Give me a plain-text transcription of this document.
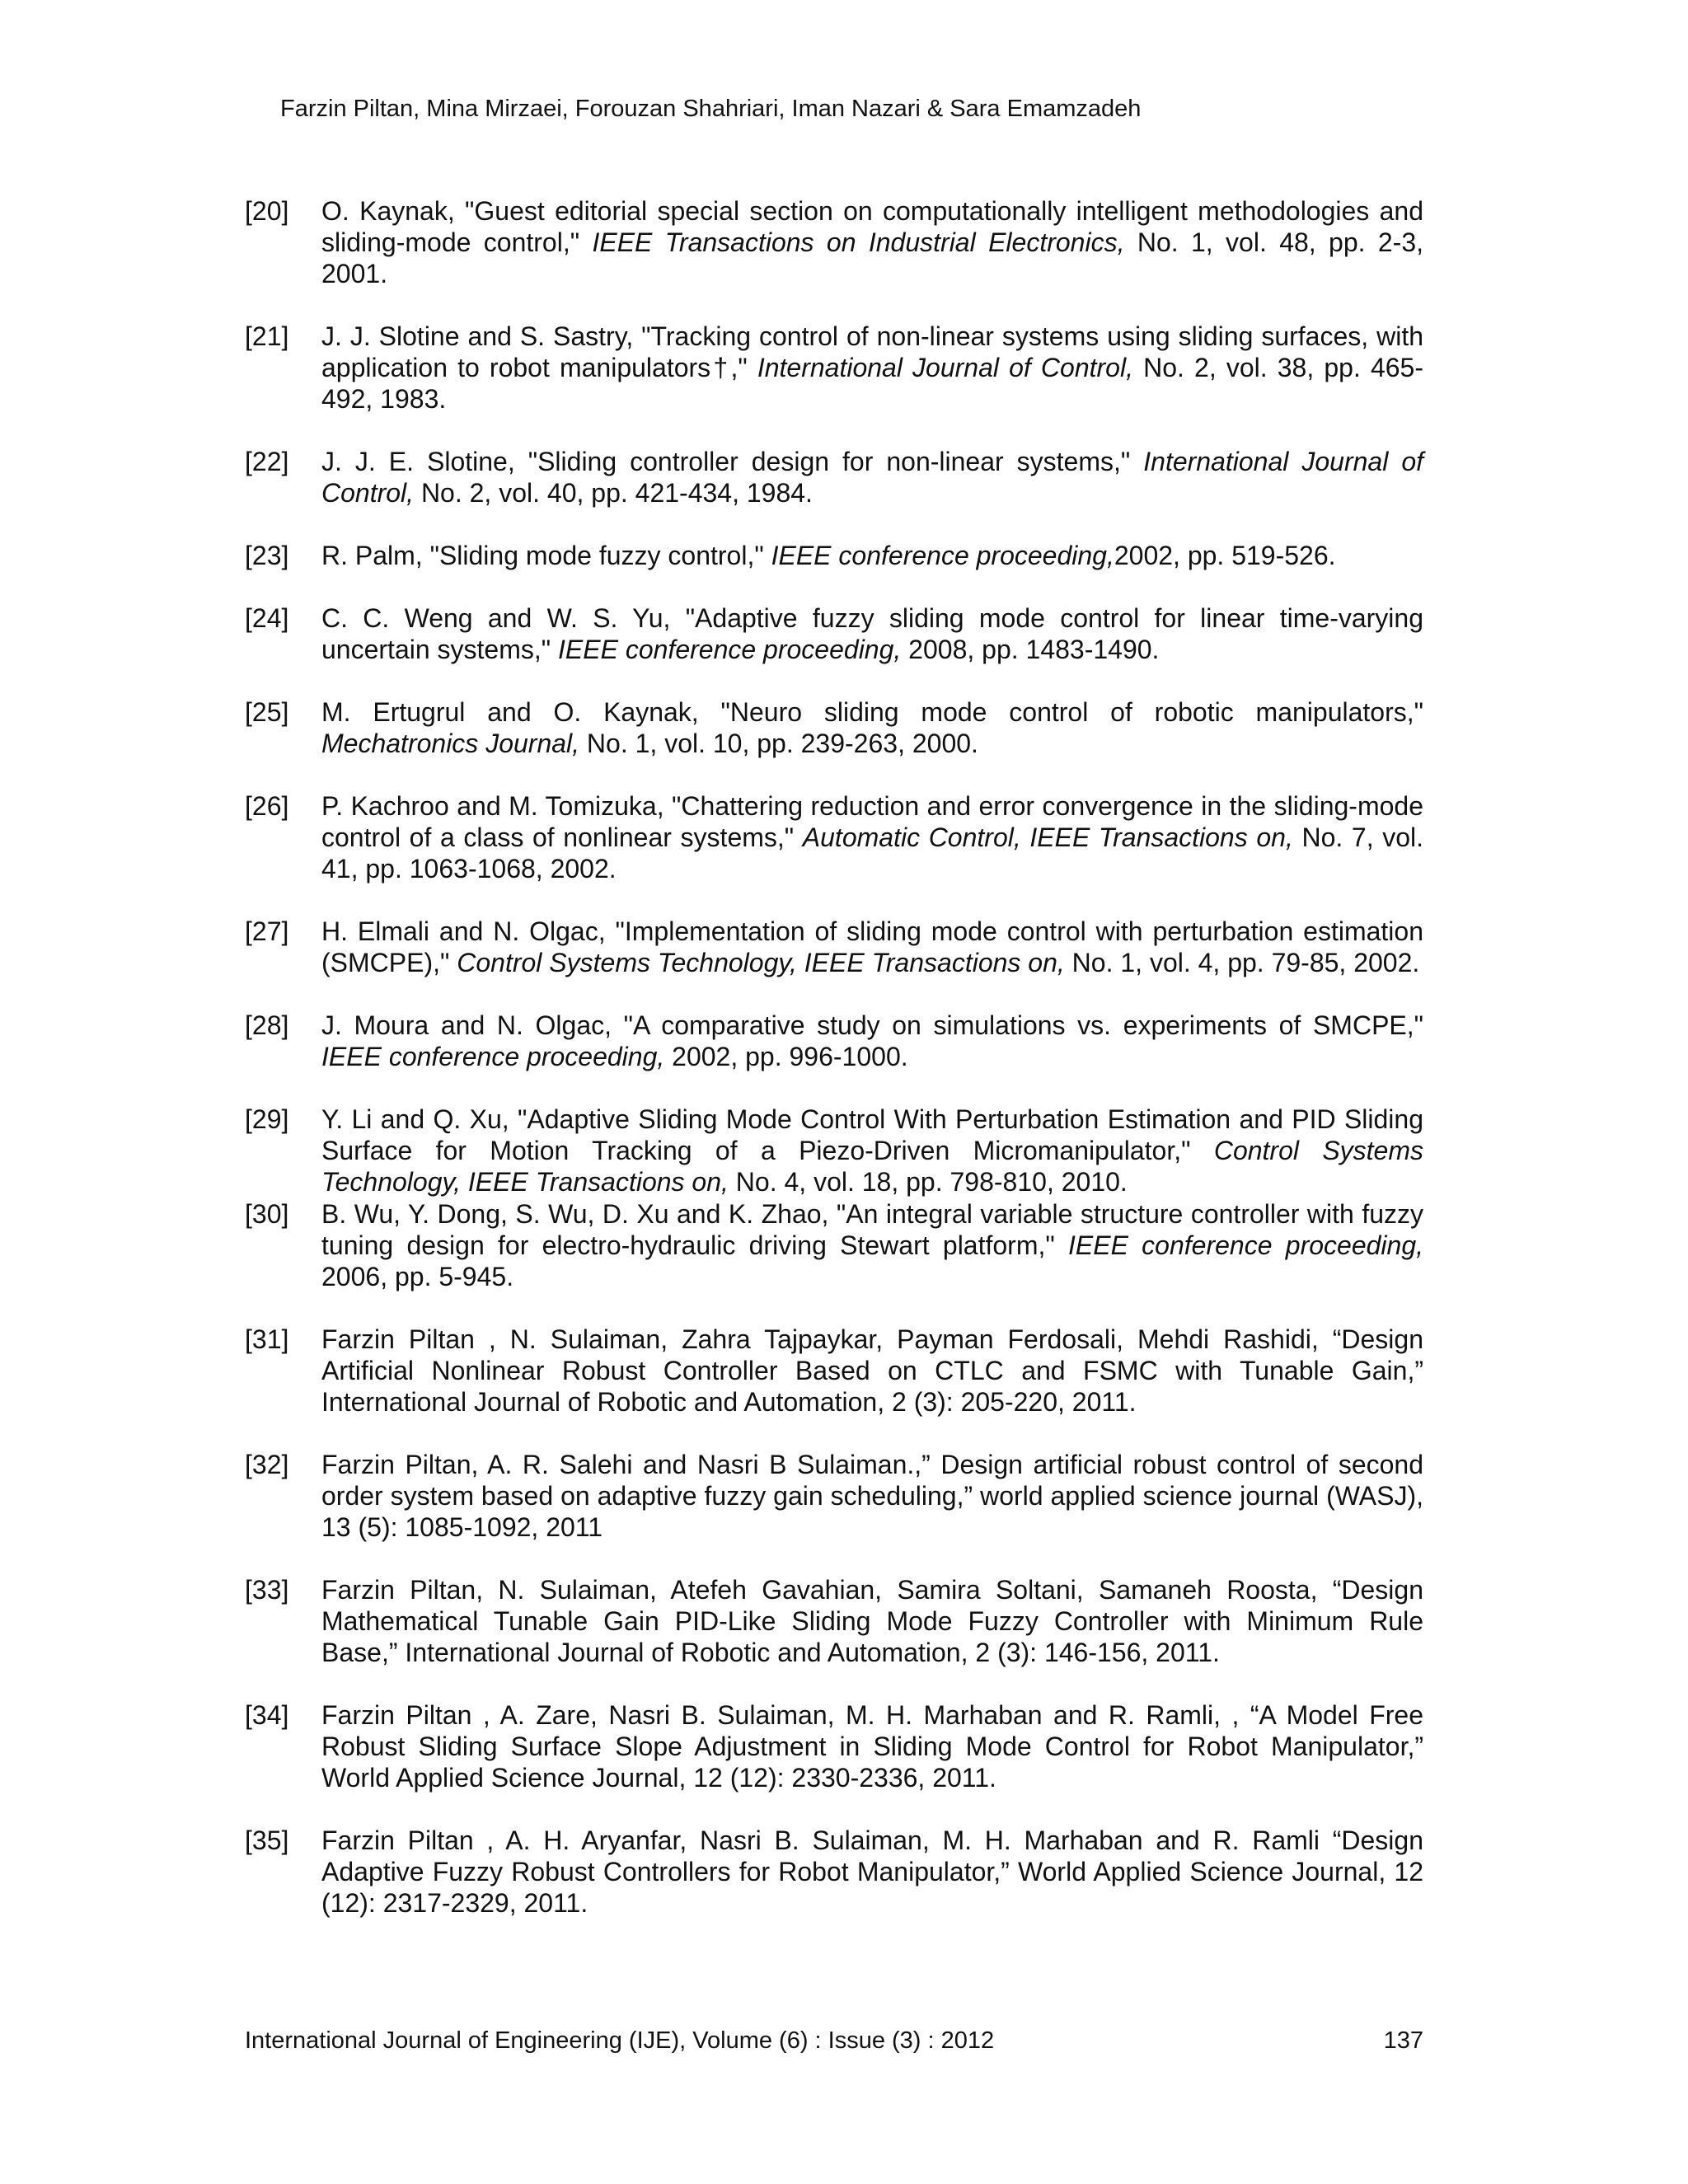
Farzin Piltan, Mina Mirzaei, Forouzan Shahriari, Iman Nazari & Sara Emamzadeh
[20] O. Kaynak, "Guest editorial special section on computationally intelligent methodologies and sliding-mode control," IEEE Transactions on Industrial Electronics, No. 1, vol. 48, pp. 2-3, 2001.
[21] J. J. Slotine and S. Sastry, "Tracking control of non-linear systems using sliding surfaces, with application to robot manipulators†," International Journal of Control, No. 2, vol. 38, pp. 465-492, 1983.
[22] J. J. E. Slotine, "Sliding controller design for non-linear systems," International Journal of Control, No. 2, vol. 40, pp. 421-434, 1984.
[23] R. Palm, "Sliding mode fuzzy control," IEEE conference proceeding,2002, pp. 519-526.
[24] C. C. Weng and W. S. Yu, "Adaptive fuzzy sliding mode control for linear time-varying uncertain systems," IEEE conference proceeding, 2008, pp. 1483-1490.
[25] M. Ertugrul and O. Kaynak, "Neuro sliding mode control of robotic manipulators," Mechatronics Journal, No. 1, vol. 10, pp. 239-263, 2000.
[26] P. Kachroo and M. Tomizuka, "Chattering reduction and error convergence in the sliding-mode control of a class of nonlinear systems," Automatic Control, IEEE Transactions on, No. 7, vol. 41, pp. 1063-1068, 2002.
[27] H. Elmali and N. Olgac, "Implementation of sliding mode control with perturbation estimation (SMCPE)," Control Systems Technology, IEEE Transactions on, No. 1, vol. 4, pp. 79-85, 2002.
[28] J. Moura and N. Olgac, "A comparative study on simulations vs. experiments of SMCPE," IEEE conference proceeding, 2002, pp. 996-1000.
[29] Y. Li and Q. Xu, "Adaptive Sliding Mode Control With Perturbation Estimation and PID Sliding Surface for Motion Tracking of a Piezo-Driven Micromanipulator," Control Systems Technology, IEEE Transactions on, No. 4, vol. 18, pp. 798-810, 2010.
[30] B. Wu, Y. Dong, S. Wu, D. Xu and K. Zhao, "An integral variable structure controller with fuzzy tuning design for electro-hydraulic driving Stewart platform," IEEE conference proceeding, 2006, pp. 5-945.
[31] Farzin Piltan , N. Sulaiman, Zahra Tajpaykar, Payman Ferdosali, Mehdi Rashidi, “Design Artificial Nonlinear Robust Controller Based on CTLC and FSMC with Tunable Gain,” International Journal of Robotic and Automation, 2 (3): 205-220, 2011.
[32] Farzin Piltan, A. R. Salehi and Nasri B Sulaiman.,” Design artificial robust control of second order system based on adaptive fuzzy gain scheduling,” world applied science journal (WASJ), 13 (5): 1085-1092, 2011
[33] Farzin Piltan, N. Sulaiman, Atefeh Gavahian, Samira Soltani, Samaneh Roosta, “Design Mathematical Tunable Gain PID-Like Sliding Mode Fuzzy Controller with Minimum Rule Base,” International Journal of Robotic and Automation, 2 (3): 146-156, 2011.
[34] Farzin Piltan , A. Zare, Nasri B. Sulaiman, M. H. Marhaban and R. Ramli, , “A Model Free Robust Sliding Surface Slope Adjustment in Sliding Mode Control for Robot Manipulator,” World Applied Science Journal, 12 (12): 2330-2336, 2011.
[35] Farzin Piltan , A. H. Aryanfar, Nasri B. Sulaiman, M. H. Marhaban and R. Ramli “Design Adaptive Fuzzy Robust Controllers for Robot Manipulator,” World Applied Science Journal, 12 (12): 2317-2329, 2011.
International Journal of Engineering (IJE), Volume (6) : Issue (3) : 2012	137
